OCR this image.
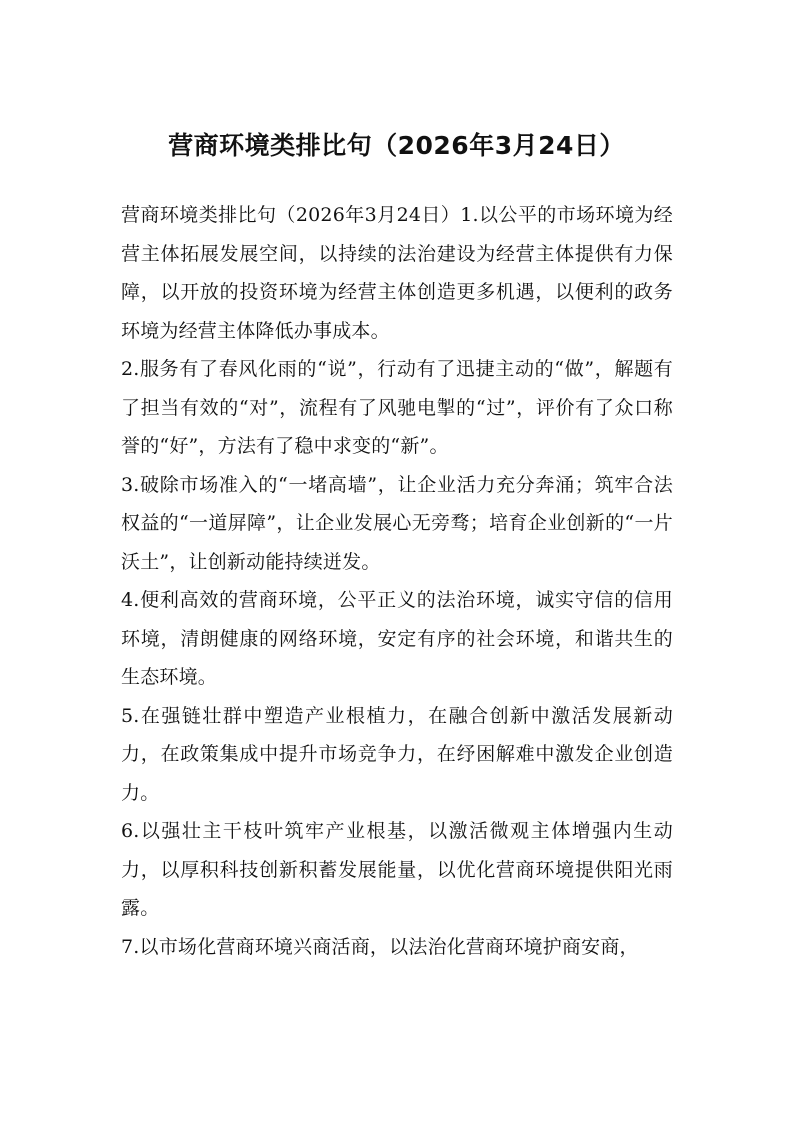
营商环境类排比句（2026年3月24日）

营商环境类排比句（2026年3月24日）1.以公平的市场环境为经营主体拓展发展空间，以持续的法治建设为经营主体提供有力保障，以开放的投资环境为经营主体创造更多机遇，以便利的政务环境为经营主体降低办事成本。

2.服务有了春风化雨的“说”，行动有了迅捷主动的“做”，解题有了担当有效的“对”，流程有了风驰电掣的“过”，评价有了众口称誉的“好”，方法有了稳中求变的“新”。

3.破除市场准入的“一堵高墙”，让企业活力充分奔涌；筑牢合法权益的“一道屏障”，让企业发展心无旁骛；培育企业创新的“一片沃土”，让创新动能持续迸发。

4.便利高效的营商环境，公平正义的法治环境，诚实守信的信用环境，清朗健康的网络环境，安定有序的社会环境，和谐共生的生态环境。

5.在强链壮群中塑造产业根植力，在融合创新中激活发展新动力，在政策集成中提升市场竞争力，在纾困解难中激发企业创造力。

6.以强壮主干枝叶筑牢产业根基，以激活微观主体增强内生动力，以厚积科技创新积蓄发展能量，以优化营商环境提供阳光雨露。

7.以市场化营商环境兴商活商，以法治化营商环境护商安商，
